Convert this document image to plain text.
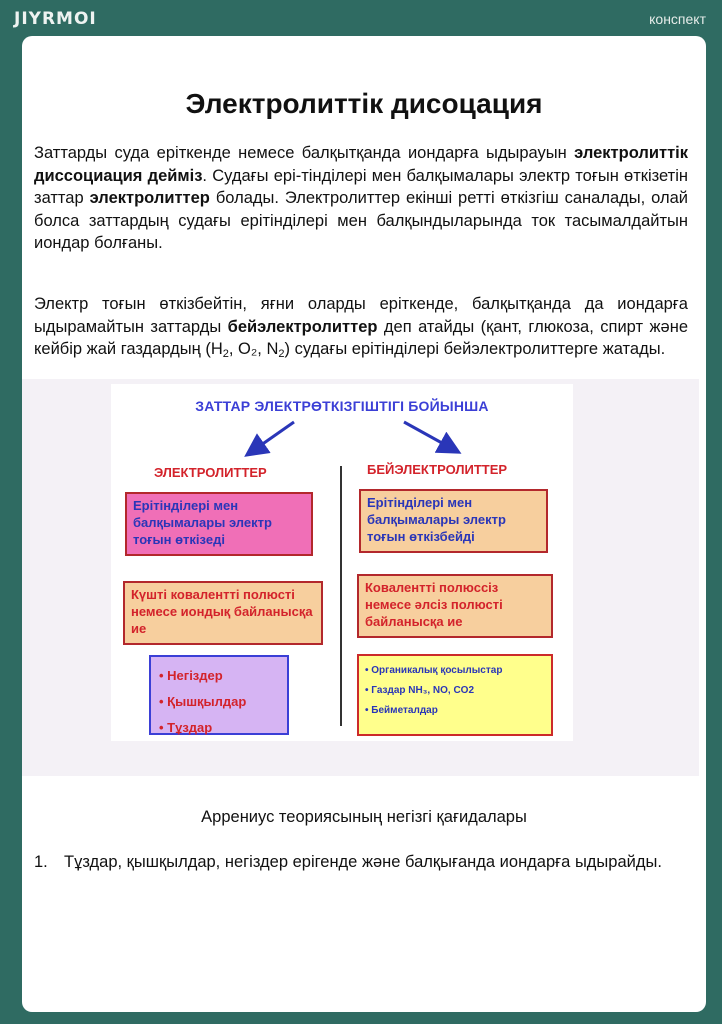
JIYRMOI	конспект
Электролиттік дисоцация

Заттарды суда ерiткенде немесе балқытқанда иондарға ыдырауын электролиттік диссоциация дейміз. Судағы ерi-тiндiлерi мен балқымалары электр тоғын өткiзетiн заттар электролиттер болады. Электролиттер екiншi реттi өткiзгiш саналады, олай болса заттардың судағы ерiтiндiлерi мен балқындыларында ток тасымалдайтын иондар болғаны.

Электр тоғын өткiзбейтiн, яғни оларды ерiткенде, балқытқанда да иондарға ыдырамайтын заттарды бейэлектролиттер деп атайды (қант, глюкоза, спирт және кейбiр жай газдардың ($H_2$, O₂, $N_2$) судағы ерiтiндiлерi бейэлектролиттерге жатады.

ЗАТТАР ЭЛЕКТРӨТКІЗГІШТІГІ БОЙЫНША
ЭЛЕКТРОЛИТТЕР	БЕЙЭЛЕКТРОЛИТТЕР
Ерітінділері мен балқымалары электр тоғын өткізеді
Ерітінділері мен балқымалары электр тоғын өткізбейді
Күшті коваленттi полюсті немесе иондық байланысқа ие
Коваленттi полюссіз немесе әлсіз полюсті байланысқа ие
• Негіздер
• Қышқылдар
• Тұздар
• Органикалық қосылыстар
• Газдар NH₃, NO, CO2
• Бейметалдар
Аррениус теориясының негізгі қағидалары
1. Тұздар, қышқылдар, негiздер ерiгенде және балқығанда иондарға ыдырайды.
